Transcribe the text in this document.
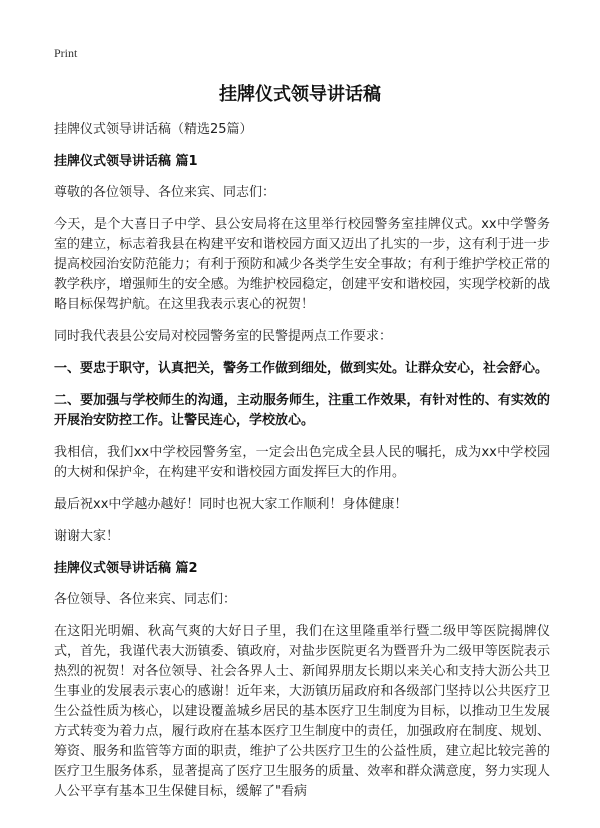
Print
挂牌仪式领导讲话稿

挂牌仪式领导讲话稿（精选25篇）

挂牌仪式领导讲话稿 篇1

尊敬的各位领导、各位来宾、同志们：

今天，是个大喜日子中学、县公安局将在这里举行校园警务室挂牌仪式。xx中学警务室的建立，标志着我县在构建平安和谐校园方面又迈出了扎实的一步，这有利于进一步提高校园治安防范能力；有利于预防和减少各类学生安全事故；有利于维护学校正常的教学秩序，增强师生的安全感。为维护校园稳定，创建平安和谐校园，实现学校新的战略目标保驾护航。在这里我表示衷心的祝贺！

同时我代表县公安局对校园警务室的民警提两点工作要求：

一、要忠于职守，认真把关，警务工作做到细处，做到实处。让群众安心，社会舒心。

二、要加强与学校师生的沟通，主动服务师生，注重工作效果，有针对性的、有实效的开展治安防控工作。让警民连心，学校放心。

我相信，我们xx中学校园警务室，一定会出色完成全县人民的嘱托，成为xx中学校园的大树和保护伞，在构建平安和谐校园方面发挥巨大的作用。

最后祝xx中学越办越好！同时也祝大家工作顺利！身体健康！

谢谢大家！

挂牌仪式领导讲话稿 篇2

各位领导、各位来宾、同志们：

在这阳光明媚、秋高气爽的大好日子里，我们在这里隆重举行暨二级甲等医院揭牌仪式，首先，我谨代表大沥镇委、镇政府，对盐步医院更名为暨晋升为二级甲等医院表示热烈的祝贺！对各位领导、社会各界人士、新闻界朋友长期以来关心和支持大沥公共卫生事业的发展表示衷心的感谢！近年来，大沥镇历届政府和各级部门坚持以公共医疗卫生公益性质为核心，以建设覆盖城乡居民的基本医疗卫生制度为目标，以推动卫生发展方式转变为着力点，履行政府在基本医疗卫生制度中的责任，加强政府在制度、规划、筹资、服务和监管等方面的职责，维护了公共医疗卫生的公益性质，建立起比较完善的医疗卫生服务体系，显著提高了医疗卫生服务的质量、效率和群众满意度，努力实现人人公平享有基本卫生保健目标，缓解了"看病
